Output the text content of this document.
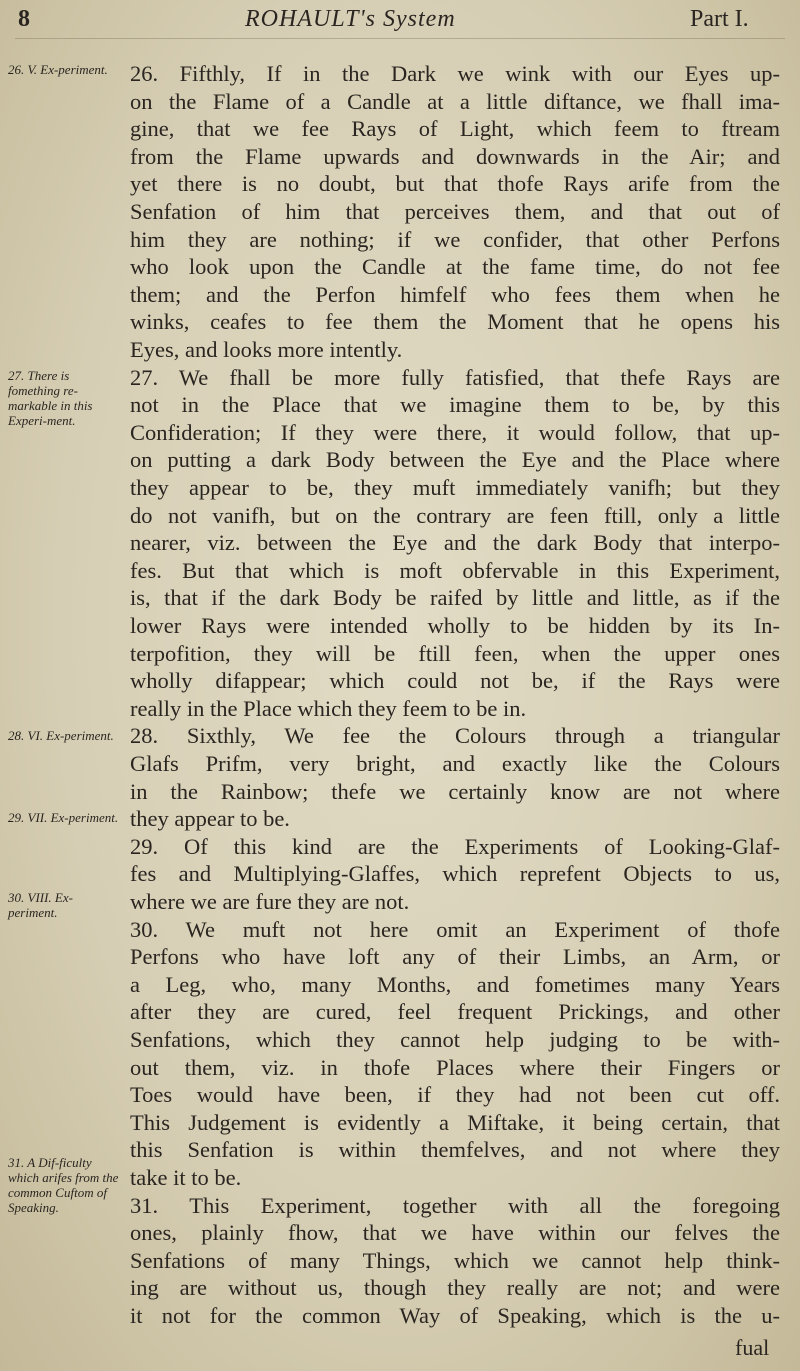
8	ROHAULT's System	Part I.
26. V. Ex-periment.
27. There is fomething re-markable in this Experi-ment.
28. VI. Ex-periment.
29. VII. Ex-periment.
30. VIII. Ex-periment.
31. A Dif-ficulty which arifes from the common Cuftom of Speaking.
26. Fifthly, If in the Dark we wink with our Eyes up-
on the Flame of a Candle at a little diftance, we fhall ima-
gine, that we fee Rays of Light, which feem to ftream
from the Flame upwards and downwards in the Air; and
yet there is no doubt, but that thofe Rays arife from the
Senfation of him that perceives them, and that out of
him they are nothing; if we confider, that other Perfons
who look upon the Candle at the fame time, do not fee
them; and the Perfon himfelf who fees them when he
winks, ceafes to fee them the Moment that he opens his
Eyes, and looks more intently.
27. We fhall be more fully fatisfied, that thefe Rays are
not in the Place that we imagine them to be, by this
Confideration; If they were there, it would follow, that up-
on putting a dark Body between the Eye and the Place where
they appear to be, they muft immediately vanifh; but they
do not vanifh, but on the contrary are feen ftill, only a little
nearer, viz. between the Eye and the dark Body that interpo-
fes. But that which is moft obfervable in this Experiment,
is, that if the dark Body be raifed by little and little, as if the
lower Rays were intended wholly to be hidden by its In-
terpofition, they will be ftill feen, when the upper ones
wholly difappear; which could not be, if the Rays were
really in the Place which they feem to be in.
28. Sixthly, We fee the Colours through a triangular
Glafs Prifm, very bright, and exactly like the Colours
in the Rainbow; thefe we certainly know are not where
they appear to be.
29. Of this kind are the Experiments of Looking-Glaf-
fes and Multiplying-Glaffes, which reprefent Objects to us,
where we are fure they are not.
30. We muft not here omit an Experiment of thofe
Perfons who have loft any of their Limbs, an Arm, or
a Leg, who, many Months, and fometimes many Years
after they are cured, feel frequent Prickings, and other
Senfations, which they cannot help judging to be with-
out them, viz. in thofe Places where their Fingers or
Toes would have been, if they had not been cut off.
This Judgement is evidently a Miftake, it being certain, that
this Senfation is within themfelves, and not where they
take it to be.
31. This Experiment, together with all the foregoing
ones, plainly fhow, that we have within our felves the
Senfations of many Things, which we cannot help think-
ing are without us, though they really are not; and were
it not for the common Way of Speaking, which is the u-
fual
